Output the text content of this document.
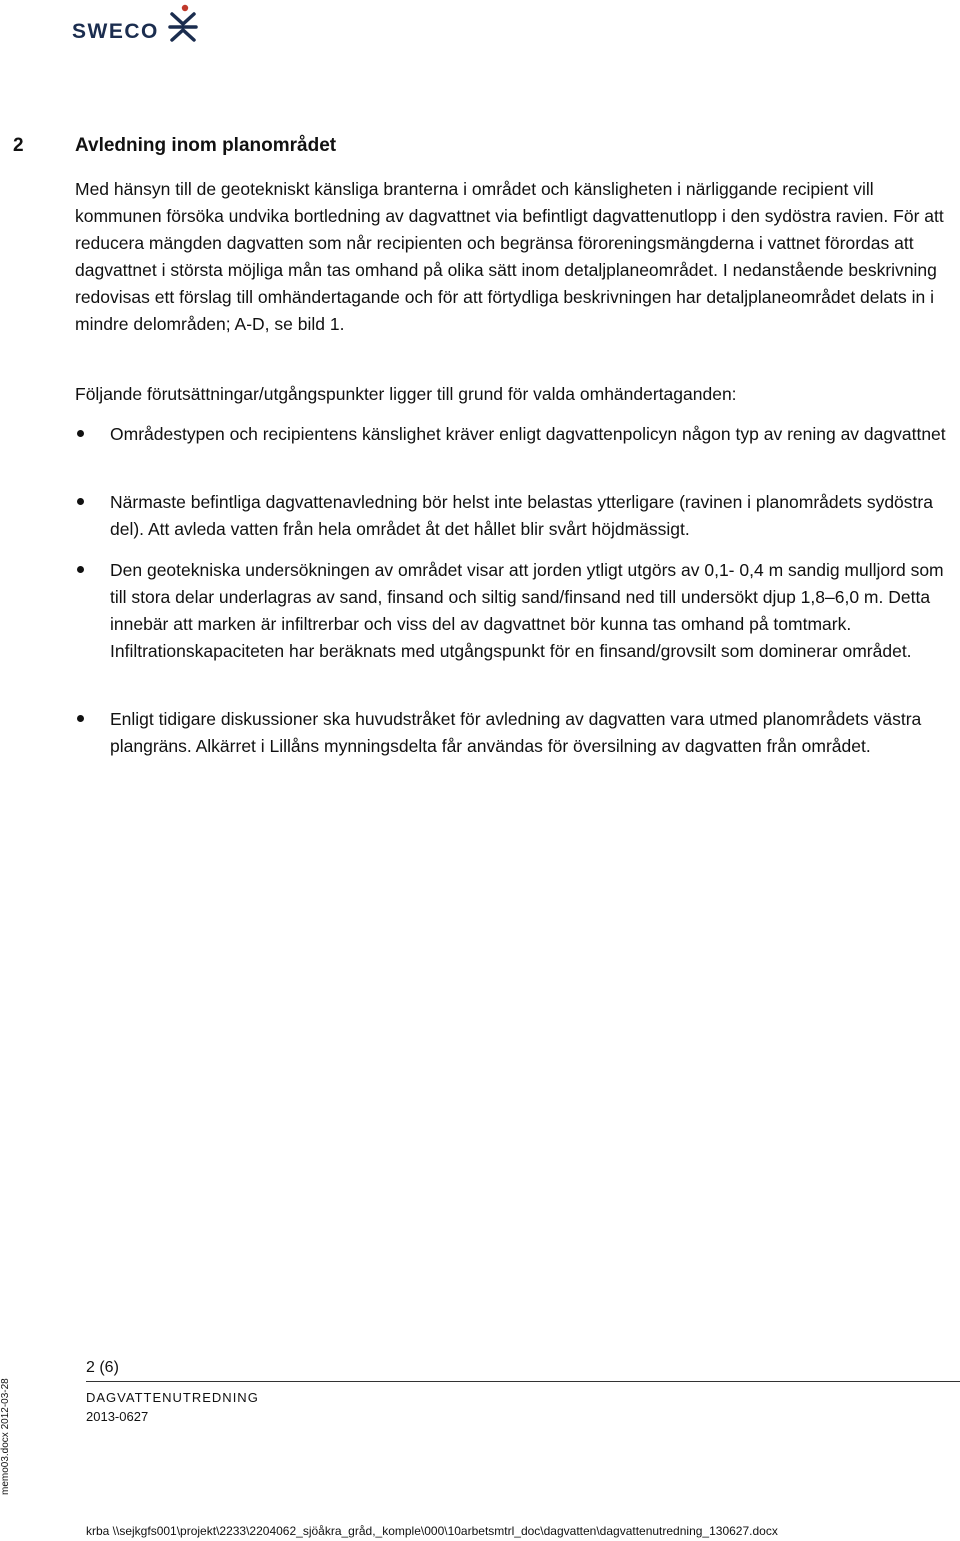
SWECO
2	Avledning inom planområdet
Med hänsyn till de geotekniskt känsliga branterna i området och känsligheten i närliggande recipient vill kommunen försöka undvika bortledning av dagvattnet via befintligt dagvattenutlopp i den sydöstra ravien. För att reducera mängden dagvatten som når recipienten och begränsa föroreningsmängderna i vattnet förordas att dagvattnet i största möjliga mån tas omhand på olika sätt inom detaljplaneområdet. I nedanstående beskrivning redovisas ett förslag till omhändertagande och för att förtydliga beskrivningen har detaljplaneområdet delats in i mindre delområden; A-D, se bild 1.
Följande förutsättningar/utgångspunkter ligger till grund för valda omhändertaganden:
Områdestypen och recipientens känslighet kräver enligt dagvattenpolicyn någon typ av rening av dagvattnet
Närmaste befintliga dagvattenavledning bör helst inte belastas ytterligare (ravinen i planområdets sydöstra del). Att avleda vatten från hela området åt det hållet blir svårt höjdmässigt.
Den geotekniska undersökningen av området visar att jorden ytligt utgörs av 0,1- 0,4 m sandig mulljord som till stora delar underlagras av sand, finsand och siltig sand/finsand ned till undersökt djup 1,8–6,0 m. Detta innebär att marken är infiltrerbar och viss del av dagvattnet bör kunna tas omhand på tomtmark. Infiltrationskapaciteten har beräknats med utgångspunkt för en finsand/grovsilt som dominerar området.
Enligt tidigare diskussioner ska huvudstråket för avledning av dagvatten vara utmed planområdets västra plangräns. Alkärret i Lillåns mynningsdelta får användas för översilning av dagvatten från området.
2 (6)
DAGVATTENUTREDNING
2013-0627
krba \\sejkgfs001\projekt\2233\2204062_sjöåkra_gråd,_komple\000\10arbetsmtrl_doc\dagvatten\dagvattenutredning_130627.docx
memo03.docx 2012-03-28
